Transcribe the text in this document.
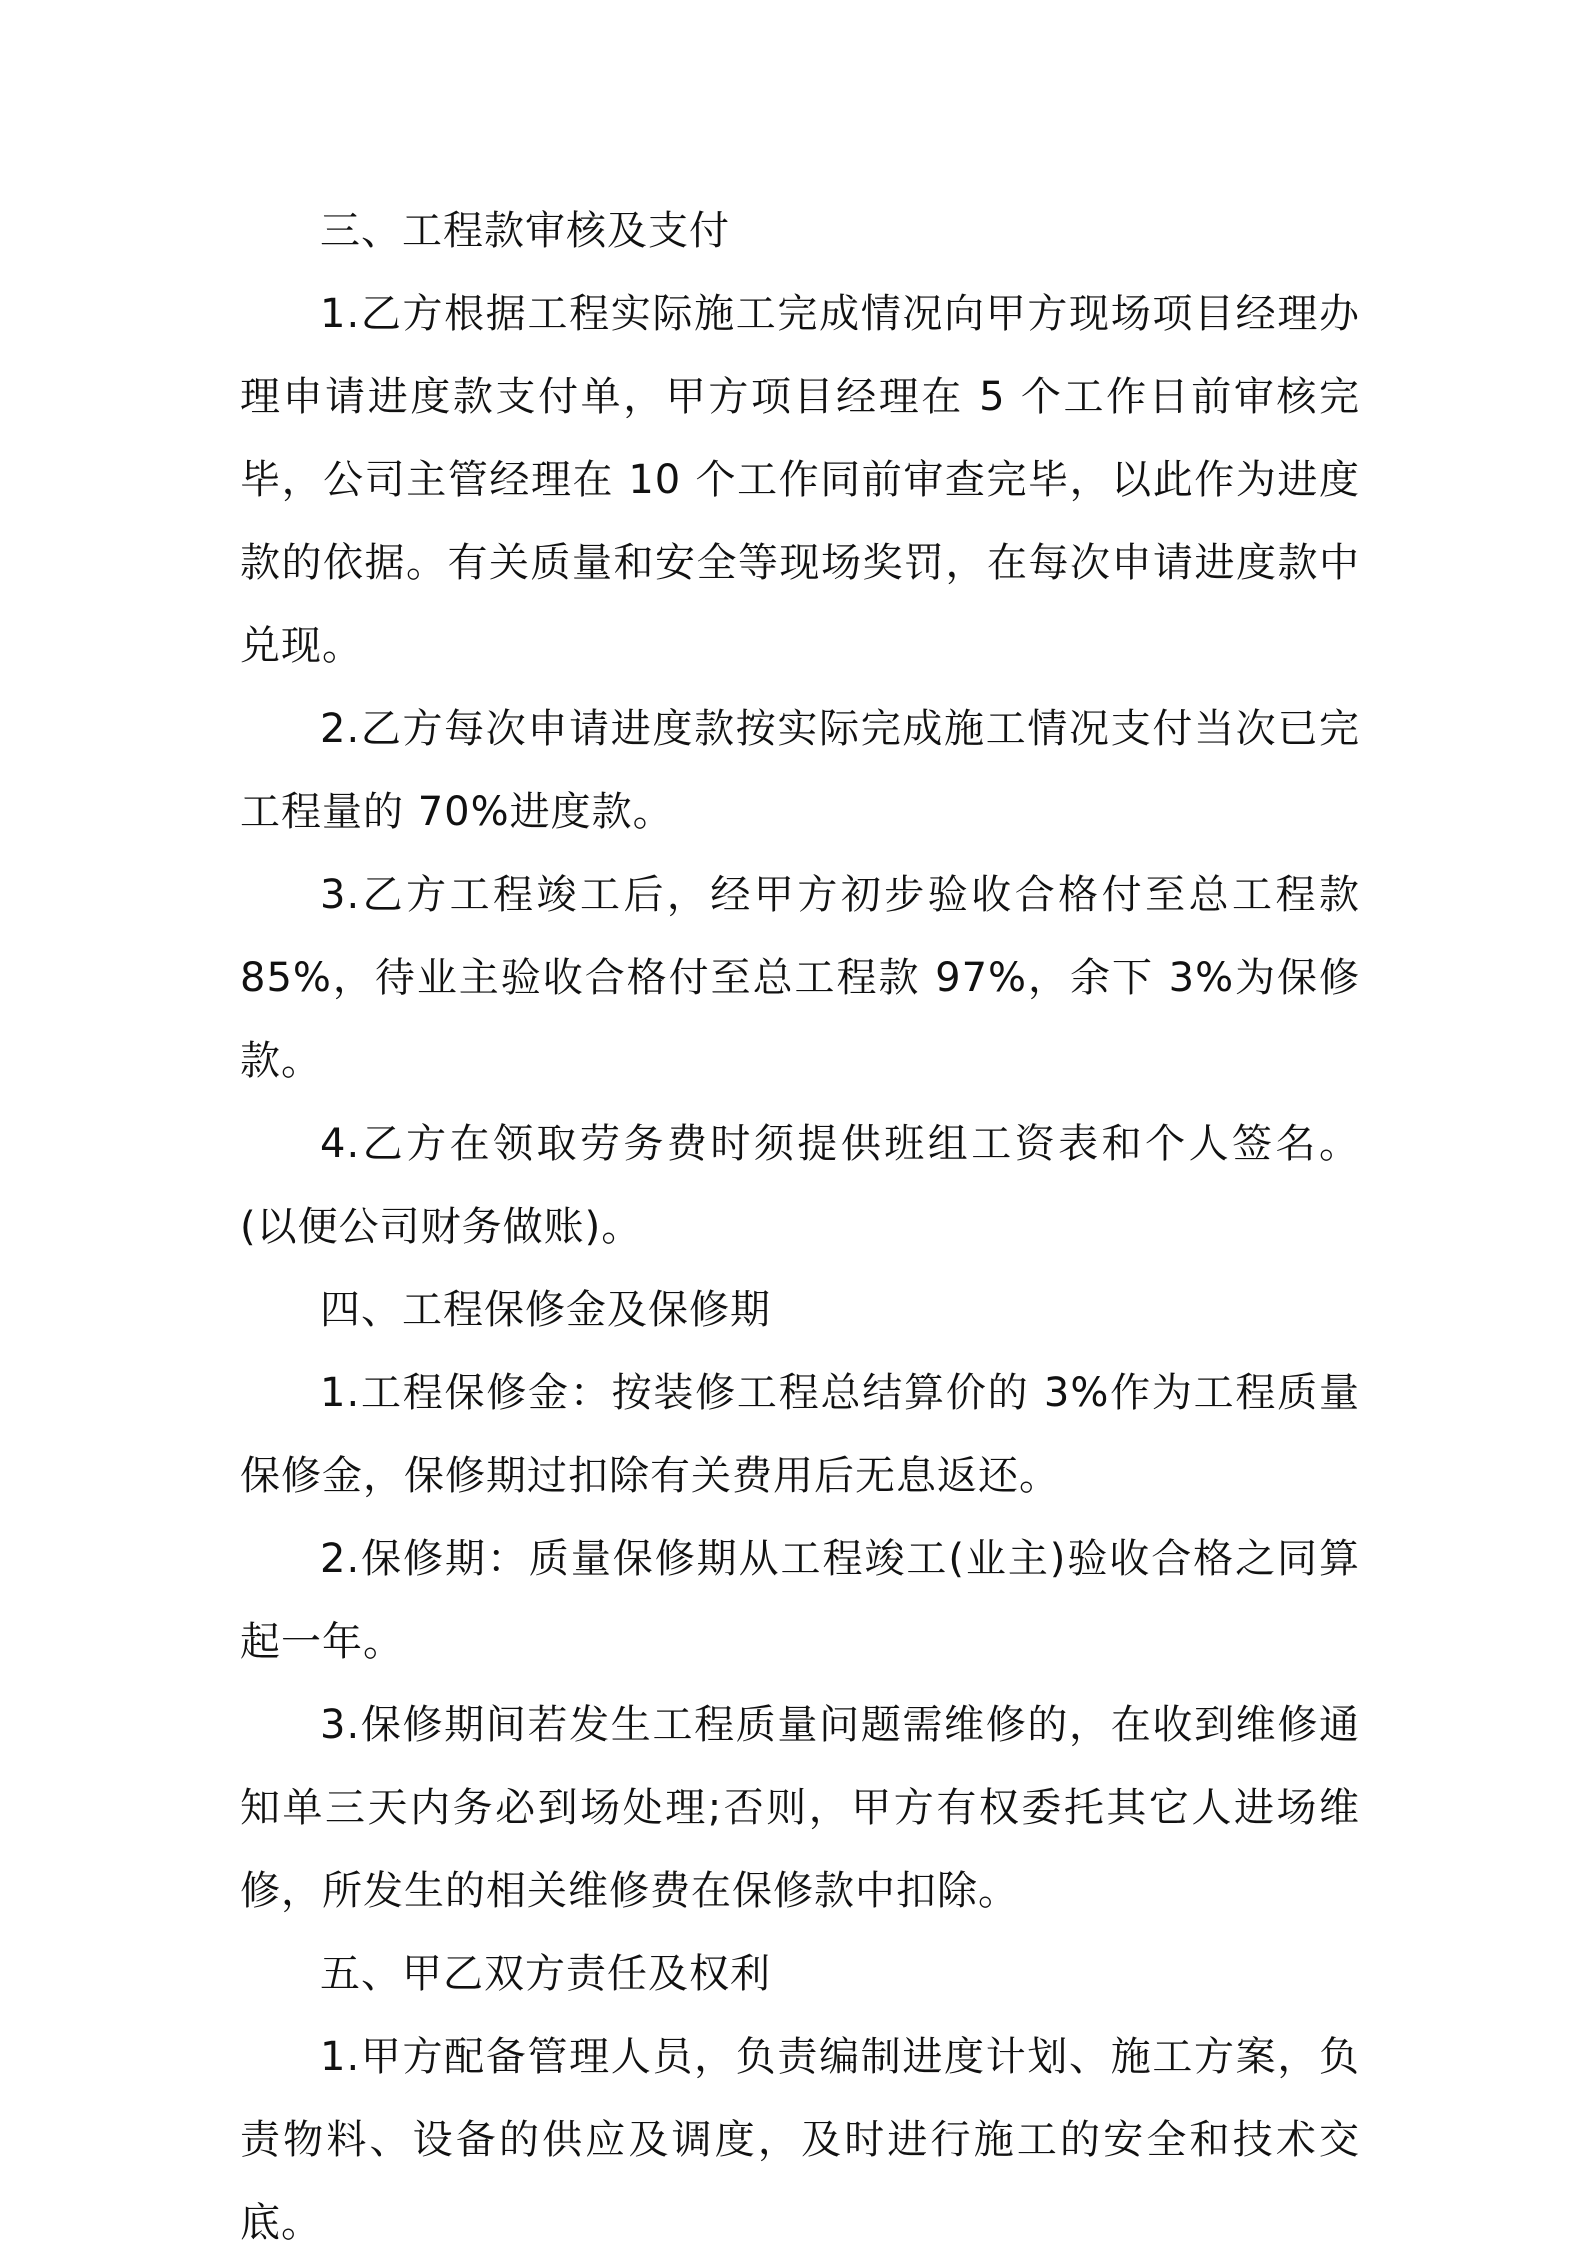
三、工程款审核及支付

1.乙方根据工程实际施工完成情况向甲方现场项目经理办理申请进度款支付单，甲方项目经理在 5 个工作日前审核完毕，公司主管经理在 10 个工作同前审查完毕，以此作为进度款的依据。有关质量和安全等现场奖罚，在每次申请进度款中兑现。

2.乙方每次申请进度款按实际完成施工情况支付当次已完工程量的 70%进度款。

3.乙方工程竣工后，经甲方初步验收合格付至总工程款 85%，待业主验收合格付至总工程款 97%，余下 3%为保修款。

4.乙方在领取劳务费时须提供班组工资表和个人签名。(以便公司财务做账)。

四、工程保修金及保修期

1.工程保修金：按装修工程总结算价的 3%作为工程质量保修金，保修期过扣除有关费用后无息返还。

2.保修期：质量保修期从工程竣工(业主)验收合格之同算起一年。

3.保修期间若发生工程质量问题需维修的，在收到维修通知单三天内务必到场处理;否则，甲方有权委托其它人进场维修，所发生的相关维修费在保修款中扣除。

五、甲乙双方责任及权利

1.甲方配备管理人员，负责编制进度计划、施工方案，负责物料、设备的供应及调度，及时进行施工的安全和技术交底。
